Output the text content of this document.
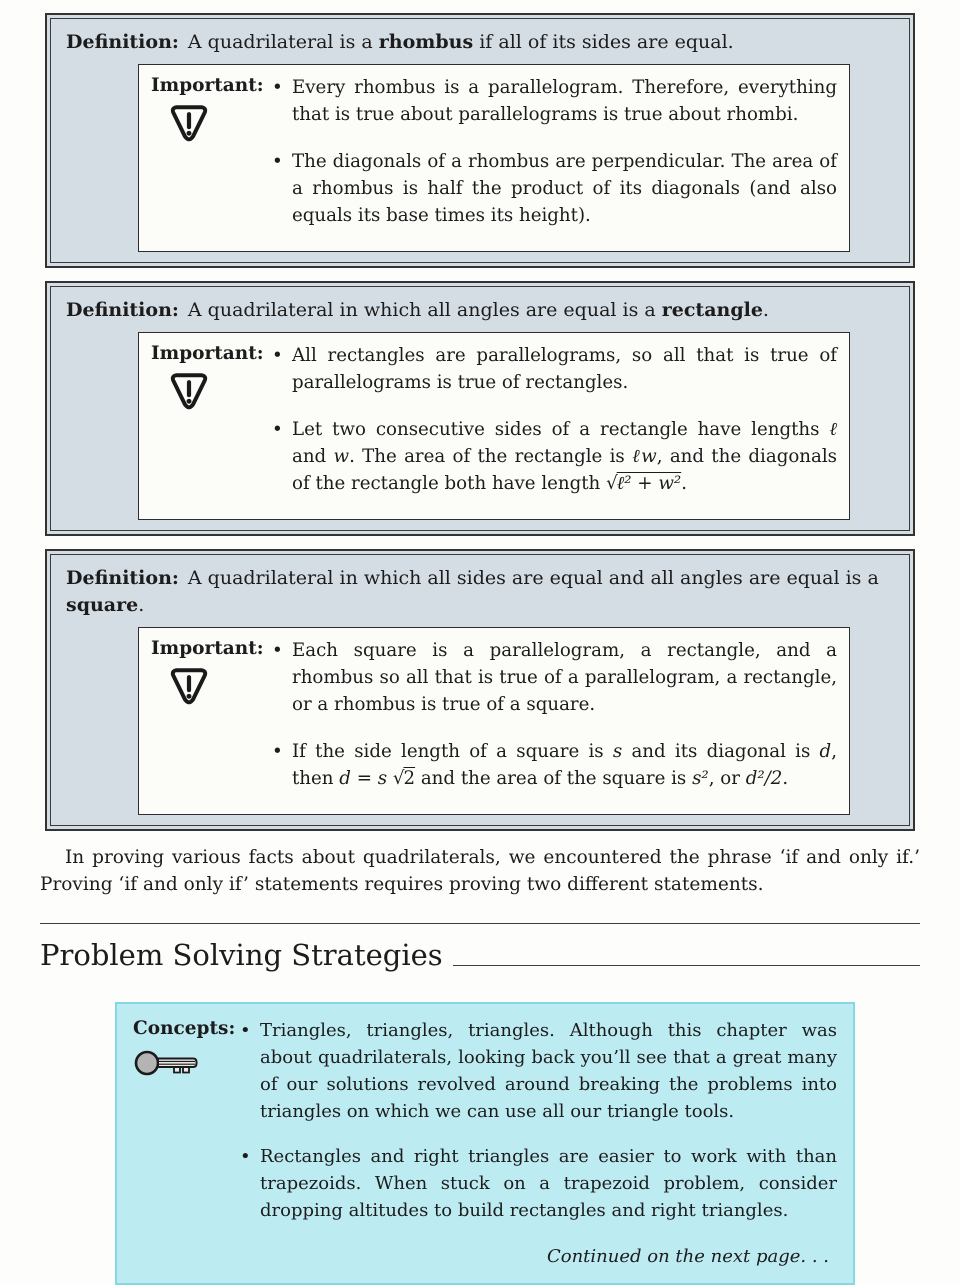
Definition: A quadrilateral is a rhombus if all of its sides are equal.
Important:	• Every rhombus is a parallelogram. Therefore, everything that is true about parallelograms is true about rhombi.
• The diagonals of a rhombus are perpendicular. The area of a rhombus is half the product of its diagonals (and also equals its base times its height).
Definition: A quadrilateral in which all angles are equal is a rectangle.
Important:	• All rectangles are parallelograms, so all that is true of parallelograms is true of rectangles.
• Let two consecutive sides of a rectangle have lengths ℓ and w. The area of the rectangle is ℓw, and the diagonals of the rectangle both have length √ℓ² + w².
Definition: A quadrilateral in which all sides are equal and all angles are equal is a square.
Important:	• Each square is a parallelogram, a rectangle, and a rhombus so all that is true of a parallelogram, a rectangle, or a rhombus is true of a square.
• If the side length of a square is s and its diagonal is d, then d = s √2 and the area of the square is s², or d²/2.

In proving various facts about quadrilaterals, we encountered the phrase ‘if and only if.’ Proving ‘if and only if’ statements requires proving two different statements.

Problem Solving Strategies
Concepts:	• Triangles, triangles, triangles. Although this chapter was about quadrilaterals, looking back you’ll see that a great many of our solutions revolved around breaking the problems into triangles on which we can use all our triangle tools.
• Rectangles and right triangles are easier to work with than trapezoids. When stuck on a trapezoid problem, consider dropping altitudes to build rectangles and right triangles.
Continued on the next page. . .
